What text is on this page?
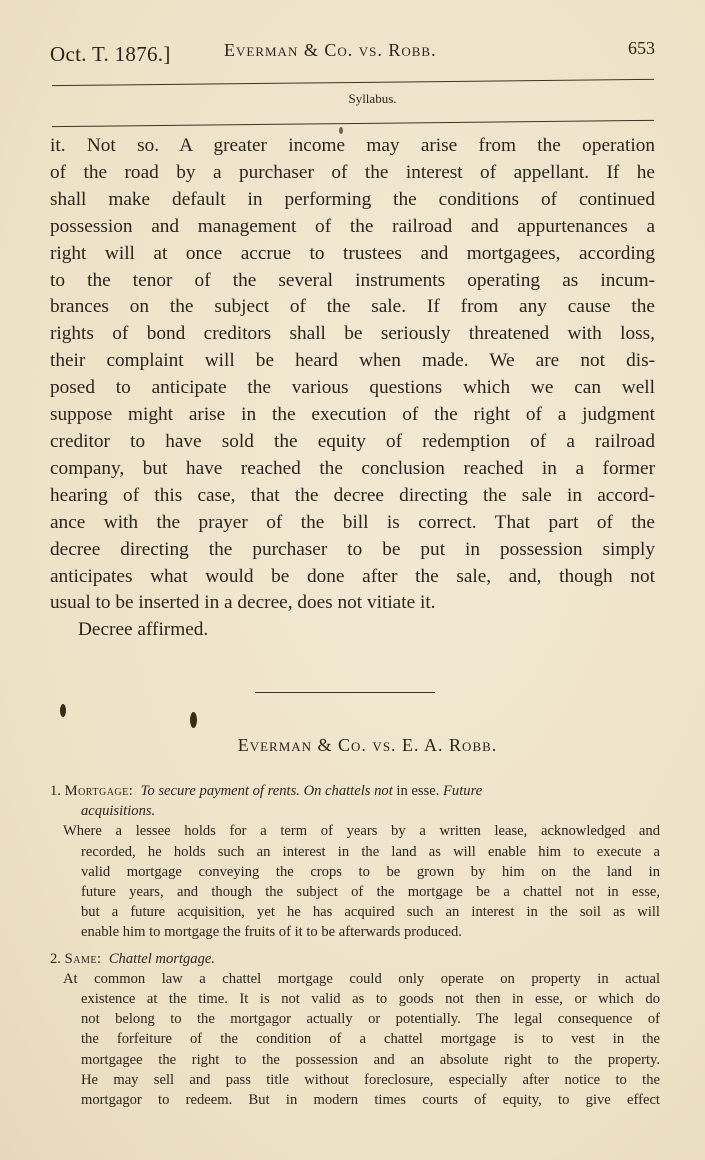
Oct. T. 1876.]	Everman & Co. vs. Robb.	653
Syllabus.
it. Not so. A greater income may arise from the operation
of the road by a purchaser of the interest of appellant. If he
shall make default in performing the conditions of continued
possession and management of the railroad and appurtenances a
right will at once accrue to trustees and mortgagees, according
to the tenor of the several instruments operating as incum-
brances on the subject of the sale. If from any cause the
rights of bond creditors shall be seriously threatened with loss,
their complaint will be heard when made. We are not dis-
posed to anticipate the various questions which we can well
suppose might arise in the execution of the right of a judgment
creditor to have sold the equity of redemption of a railroad
company, but have reached the conclusion reached in a former
hearing of this case, that the decree directing the sale in accord-
ance with the prayer of the bill is correct. That part of the
decree directing the purchaser to be put in possession simply
anticipates what would be done after the sale, and, though not
usual to be inserted in a decree, does not vitiate it.
Decree affirmed.
Everman & Co. vs. E. A. Robb.
1. Mortgage: To secure payment of rents. On chattels not in esse. Future
acquisitions.
Where a lessee holds for a term of years by a written lease, acknowledged and
recorded, he holds such an interest in the land as will enable him to execute a
valid mortgage conveying the crops to be grown by him on the land in
future years, and though the subject of the mortgage be a chattel not in esse,
but a future acquisition, yet he has acquired such an interest in the soil as will
enable him to mortgage the fruits of it to be afterwards produced.
2. Same: Chattel mortgage.
At common law a chattel mortgage could only operate on property in actual
existence at the time. It is not valid as to goods not then in esse, or which do
not belong to the mortgagor actually or potentially. The legal consequence of
the forfeiture of the condition of a chattel mortgage is to vest in the
mortgagee the right to the possession and an absolute right to the property.
He may sell and pass title without foreclosure, especially after notice to the
mortgagor to redeem. But in modern times courts of equity, to give effect
